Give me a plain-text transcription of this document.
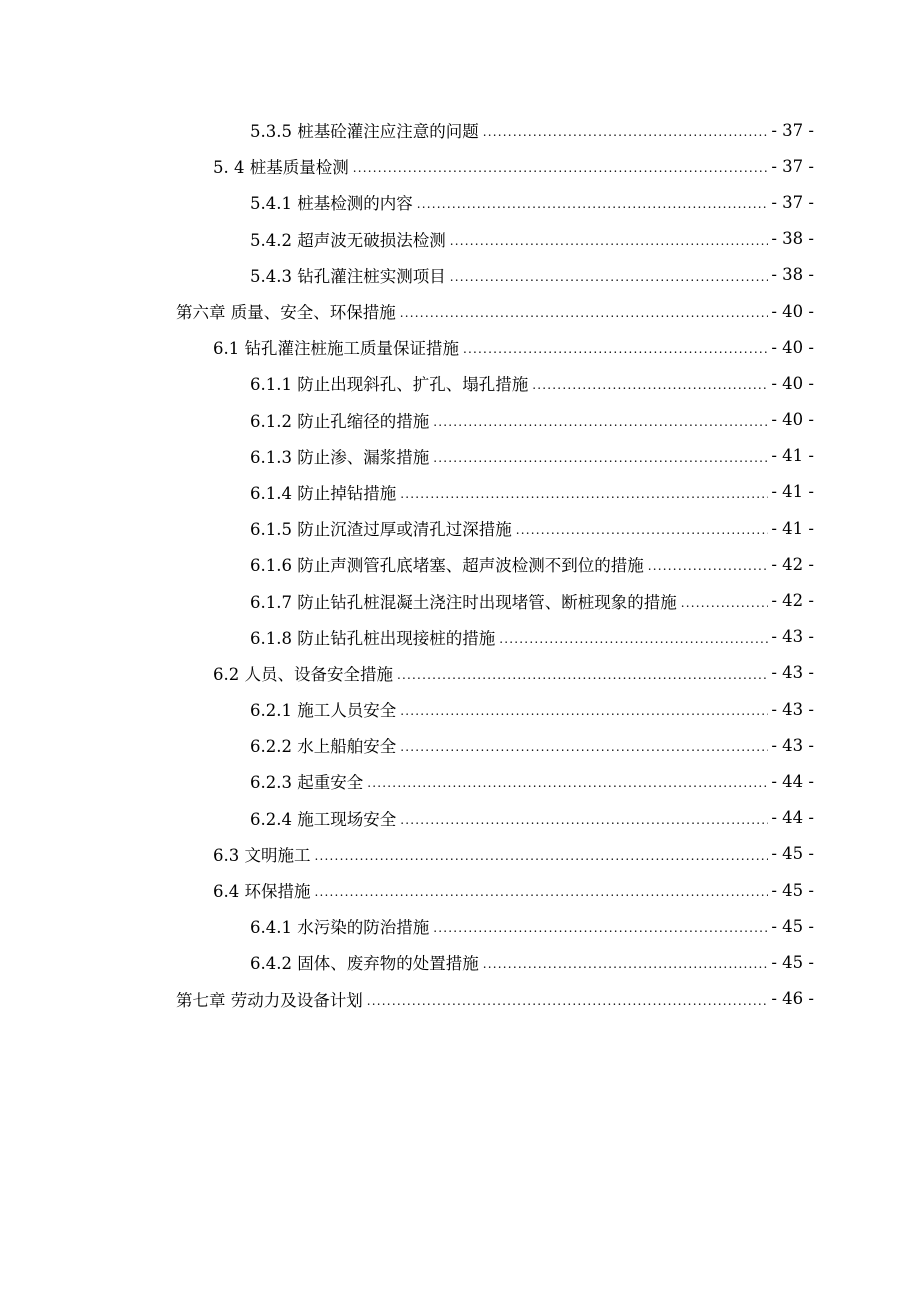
5.3.5 桩基砼灌注应注意的问题 .....	- 37 -
5. 4 桩基质量检测 .....	- 37 -
5.4.1 桩基检测的内容 .....	- 37 -
5.4.2 超声波无破损法检测 .....	- 38 -
5.4.3 钻孔灌注桩实测项目 .....	- 38 -
第六章 质量、安全、环保措施 .....	- 40 -
6.1 钻孔灌注桩施工质量保证措施 .....	- 40 -
6.1.1 防止出现斜孔、扩孔、塌孔措施 .....	- 40 -
6.1.2 防止孔缩径的措施 .....	- 40 -
6.1.3 防止渗、漏浆措施 .....	- 41 -
6.1.4 防止掉钻措施 .....	- 41 -
6.1.5 防止沉渣过厚或清孔过深措施 .....	- 41 -
6.1.6 防止声测管孔底堵塞、超声波检测不到位的措施 .....	- 42 -
6.1.7 防止钻孔桩混凝土浇注时出现堵管、断桩现象的措施 .....	- 42 -
6.1.8 防止钻孔桩出现接桩的措施 .....	- 43 -
6.2 人员、设备安全措施 .....	- 43 -
6.2.1 施工人员安全 .....	- 43 -
6.2.2 水上船舶安全 .....	- 43 -
6.2.3 起重安全 .....	- 44 -
6.2.4 施工现场安全 .....	- 44 -
6.3 文明施工 .....	- 45 -
6.4 环保措施 .....	- 45 -
6.4.1 水污染的防治措施 .....	- 45 -
6.4.2 固体、废弃物的处置措施 .....	- 45 -
第七章 劳动力及设备计划 .....	- 46 -
